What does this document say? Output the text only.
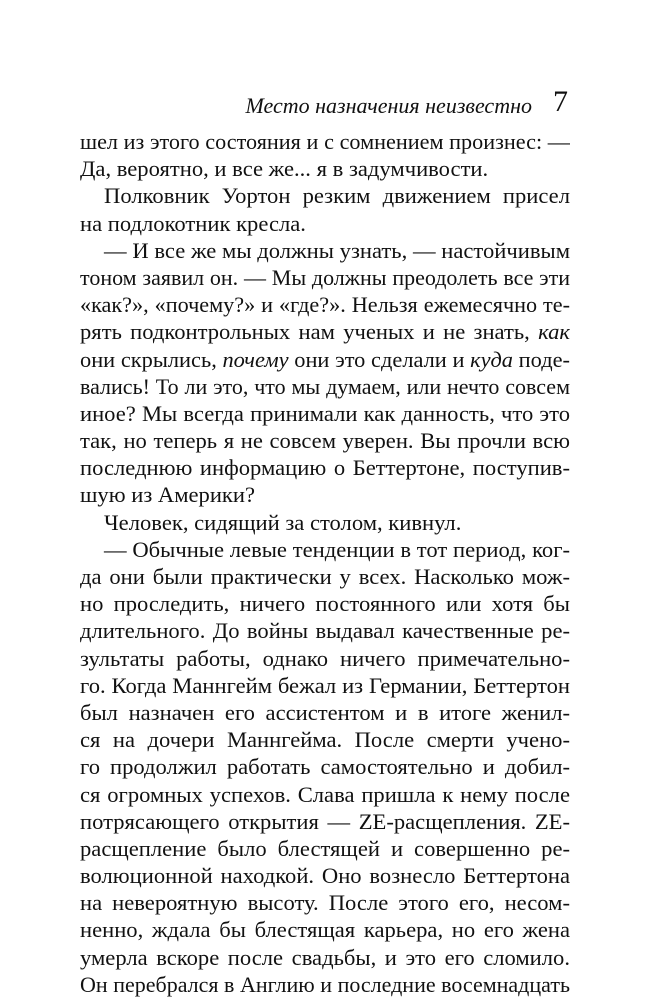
Место назначения неизвестно 7
шел из этого состояния и с сомнением произнес: —
Да, вероятно, и все же... я в задумчивости.
Полковник Уортон резким движением присел
на подлокотник кресла.
— И все же мы должны узнать, — настойчивым
тоном заявил он. — Мы должны преодолеть все эти
«как?», «почему?» и «где?». Нельзя ежемесячно те-
рять подконтрольных нам ученых и не знать, как
они скрылись, почему они это сделали и куда поде-
вались! То ли это, что мы думаем, или нечто совсем
иное? Мы всегда принимали как данность, что это
так, но теперь я не совсем уверен. Вы прочли всю
последнюю информацию о Беттертоне, поступив-
шую из Америки?
Человек, сидящий за столом, кивнул.
— Обычные левые тенденции в тот период, ког-
да они были практически у всех. Насколько мож-
но проследить, ничего постоянного или хотя бы
длительного. До войны выдавал качественные ре-
зультаты работы, однако ничего примечательно-
го. Когда Маннгейм бежал из Германии, Беттертон
был назначен его ассистентом и в итоге женил-
ся на дочери Маннгейма. После смерти учено-
го продолжил работать самостоятельно и добил-
ся огромных успехов. Слава пришла к нему после
потрясающего открытия — ZE-расщепления. ZE-
расщепление было блестящей и совершенно ре-
волюционной находкой. Оно вознесло Беттертона
на невероятную высоту. После этого его, несом-
ненно, ждала бы блестящая карьера, но его жена
умерла вскоре после свадьбы, и это его сломило.
Он перебрался в Англию и последние восемнадцать
